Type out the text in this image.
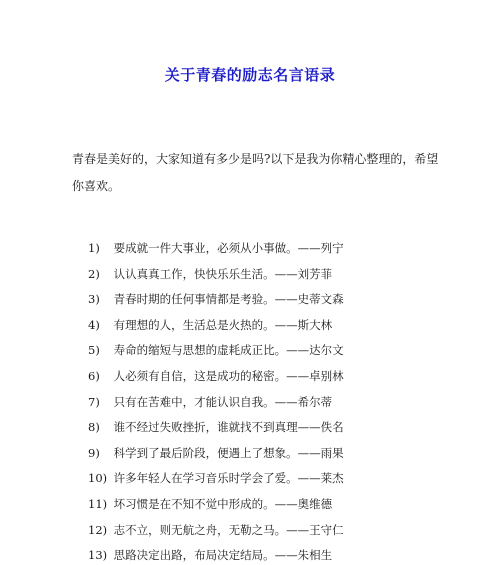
关于青春的励志名言语录
青春是美好的，大家知道有多少是吗?以下是我为你精心整理的，希望
你喜欢。
1) 要成就一件大事业，必须从小事做。——列宁
2) 认认真真工作，快快乐乐生活。——刘芳菲
3) 青春时期的任何事情都是考验。——史蒂文森
4) 有理想的人，生活总是火热的。——斯大林
5) 寿命的缩短与思想的虚耗成正比。——达尔文
6) 人必须有自信，这是成功的秘密。——卓别林
7) 只有在苦难中，才能认识自我。——希尔蒂
8) 谁不经过失败挫折，谁就找不到真理——佚名
9) 科学到了最后阶段，便遇上了想象。——雨果
10) 许多年轻人在学习音乐时学会了爱。——莱杰
11) 坏习惯是在不知不觉中形成的。——奥维德
12) 志不立，则无航之舟，无勒之马。——王守仁
13) 思路决定出路，布局决定结局。——朱相生
